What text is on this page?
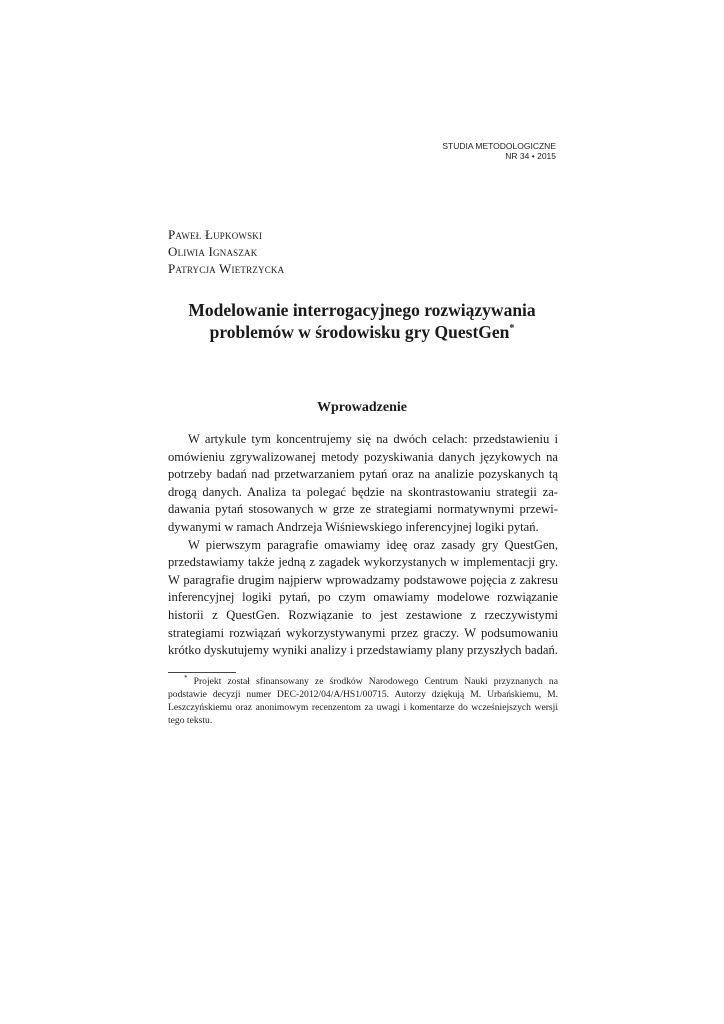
STUDIA METODOLOGICZNE
NR 34 • 2015
Paweł Łupkowski
Oliwia Ignaszak
Patrycja Wietrzycka
Modelowanie interrogacyjnego rozwiązywania
problemów w środowisku gry QuestGen*
Wprowadzenie

W artykule tym koncentrujemy się na dwóch celach: przedstawieniu i omówieniu zgrywalizowanej metody pozyskiwania danych językowych na potrzeby badań nad przetwarzaniem pytań oraz na analizie pozyskanych tą drogą danych. Analiza ta polegać będzie na skontrastowaniu strategii zadawania pytań stosowanych w grze ze strategiami normatywnymi przewidywanymi w ramach Andrzeja Wiśniewskiego inferencyjnej logiki pytań.

W pierwszym paragrafie omawiamy ideę oraz zasady gry QuestGen, przedstawiamy także jedną z zagadek wykorzystanych w implementacji gry. W paragrafie drugim najpierw wprowadzamy podstawowe pojęcia z zakresu inferencyjnej logiki pytań, po czym omawiamy modelowe rozwiązanie historii z QuestGen. Rozwiązanie to jest zestawione z rzeczywistymi strategiami rozwiązań wykorzystywanymi przez graczy. W podsumowaniu krótko dyskutujemy wyniki analizy i przedstawiamy plany przyszłych badań.

* Projekt został sfinansowany ze środków Narodowego Centrum Nauki przyznanych na podstawie decyzji numer DEC-2012/04/A/HS1/00715. Autorzy dziękują M. Urbańskiemu, M. Leszczyńskiemu oraz anonimowym recenzentom za uwagi i komentarze do wcześniejszych wersji tego tekstu.
